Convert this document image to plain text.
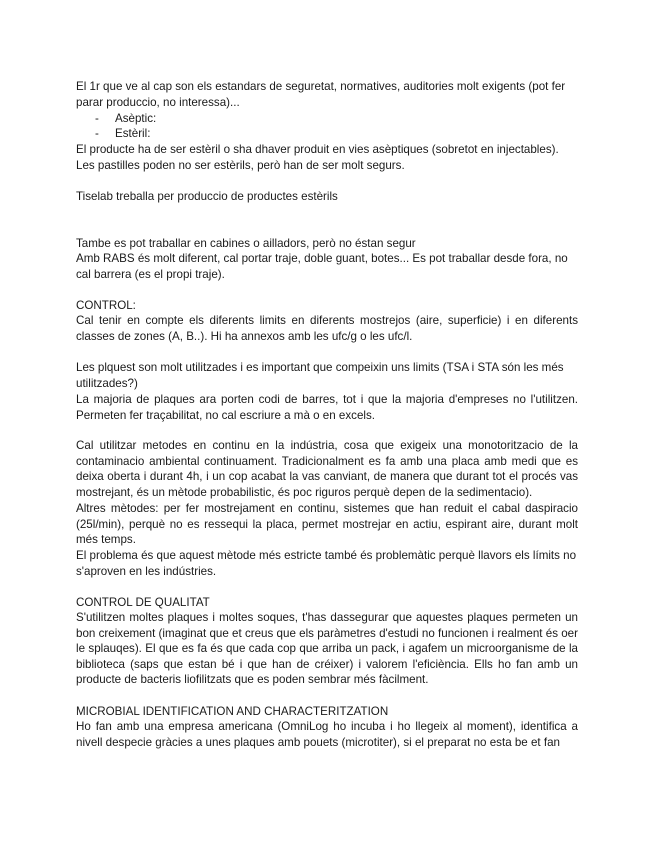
El 1r que ve al cap son els estandars de seguretat, normatives, auditories molt exigents (pot fer parar produccio, no interessa)...

- Asèptic:

- Estèril:

El producte ha de ser estèril o sha dhaver produit en vies asèptiques (sobretot en injectables). Les pastilles poden no ser estèrils, però han de ser molt segurs.

Tiselab treballa per produccio de productes estèrils

Tambe es pot traballar en cabines o ailladors, però no éstan segur

Amb RABS és molt diferent, cal portar traje, doble guant, botes... Es pot traballar desde fora, no cal barrera (es el propi traje).

CONTROL:

Cal tenir en compte els diferents limits en diferents mostrejos (aire, superficie) i en diferents classes de zones (A, B..). Hi ha annexos amb les ufc/g o les ufc/l.

Les plquest son molt utilitzades i es important que compeixin uns limits (TSA i STA són les més utilitzades?)

La majoria de plaques ara porten codi de barres, tot i que la majoria d'empreses no l'utilitzen. Permeten fer traçabilitat, no cal escriure a mà o en excels.

Cal utilitzar metodes en continu en la indústria, cosa que exigeix una monotoritzacio de la contaminacio ambiental continuament. Tradicionalment es fa amb una placa amb medi que es deixa oberta i durant 4h, i un cop acabat la vas canviant, de manera que durant tot el procés vas mostrejant, és un mètode probabilistic, és poc riguros perquè depen de la sedimentacio).

Altres mètodes: per fer mostrejament en continu, sistemes que han reduit el cabal daspiracio (25l/min), perquè no es ressequi la placa, permet mostrejar en actiu, espirant aire, durant molt més temps.

El problema és que aquest mètode més estricte també és problemàtic perquè llavors els límits no s'aproven en les indústries.

CONTROL DE QUALITAT

S'utilitzen moltes plaques i moltes soques, t'has dassegurar que aquestes plaques permeten un bon creixement (imaginat que et creus que els paràmetres d'estudi no funcionen i realment és oer le splauqes). El que es fa és que cada cop que arriba un pack, i agafem un microorganisme de la biblioteca (saps que estan bé i que han de créixer) i valorem l'eficiència. Ells ho fan amb un producte de bacteris liofilitzats que es poden sembrar més fàcilment.

MICROBIAL IDENTIFICATION AND CHARACTERITZATION

Ho fan amb una empresa americana (OmniLog ho incuba i ho llegeix al moment), identifica a nivell despecie gràcies a unes plaques amb pouets (microtiter), si el preparat no esta be et fan
